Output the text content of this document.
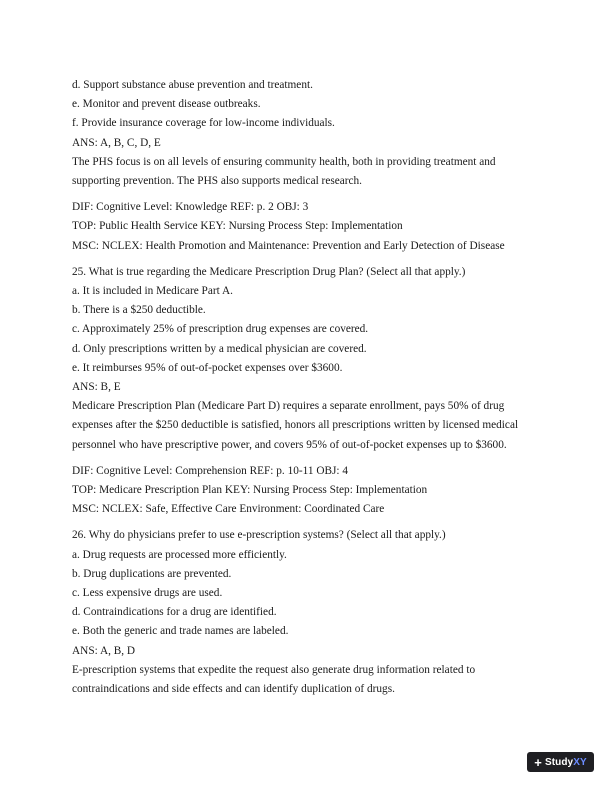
d. Support substance abuse prevention and treatment.
e. Monitor and prevent disease outbreaks.
f. Provide insurance coverage for low-income individuals.
ANS: A, B, C, D, E
The PHS focus is on all levels of ensuring community health, both in providing treatment and
supporting prevention. The PHS also supports medical research.
DIF: Cognitive Level: Knowledge REF: p. 2 OBJ: 3
TOP: Public Health Service KEY: Nursing Process Step: Implementation
MSC: NCLEX: Health Promotion and Maintenance: Prevention and Early Detection of Disease
25. What is true regarding the Medicare Prescription Drug Plan? (Select all that apply.)
a. It is included in Medicare Part A.
b. There is a $250 deductible.
c. Approximately 25% of prescription drug expenses are covered.
d. Only prescriptions written by a medical physician are covered.
e. It reimburses 95% of out-of-pocket expenses over $3600.
ANS: B, E
Medicare Prescription Plan (Medicare Part D) requires a separate enrollment, pays 50% of drug
expenses after the $250 deductible is satisfied, honors all prescriptions written by licensed medical
personnel who have prescriptive power, and covers 95% of out-of-pocket expenses up to $3600.
DIF: Cognitive Level: Comprehension REF: p. 10-11 OBJ: 4
TOP: Medicare Prescription Plan KEY: Nursing Process Step: Implementation
MSC: NCLEX: Safe, Effective Care Environment: Coordinated Care
26. Why do physicians prefer to use e-prescription systems? (Select all that apply.)
a. Drug requests are processed more efficiently.
b. Drug duplications are prevented.
c. Less expensive drugs are used.
d. Contraindications for a drug are identified.
e. Both the generic and trade names are labeled.
ANS: A, B, D
E-prescription systems that expedite the request also generate drug information related to
contraindications and side effects and can identify duplication of drugs.
+ Study XY
